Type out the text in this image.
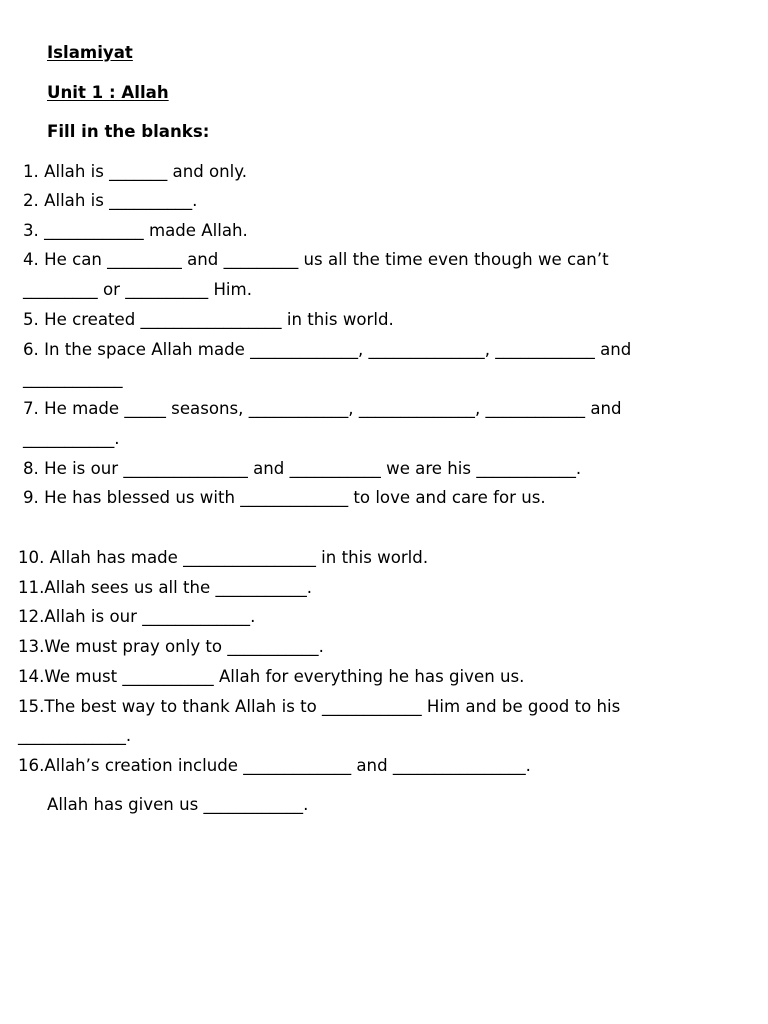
Islamiyat
Unit 1 : Allah
Fill in the blanks:
1. Allah is _______ and only.
2. Allah is __________.
3. ____________ made Allah.
4. He can _________ and _________ us all the time even though we can’t
_________ or __________ Him.
5. He created _________________ in this world.
6. In the space Allah made _____________, ______________, ____________ and
____________
7. He made _____ seasons, ____________, ______________, ____________ and
___________.
8. He is our _______________ and ___________ we are his ____________.
9. He has blessed us with _____________ to love and care for us.
10. Allah has made ________________ in this world.
11.Allah sees us all the ___________.
12.Allah is our _____________.
13.We must pray only to ___________.
14.We must ___________ Allah for everything he has given us.
15.The best way to thank Allah is to ____________ Him and be good to his
_____________.
16.Allah’s creation include _____________ and ________________.
Allah has given us ____________.
